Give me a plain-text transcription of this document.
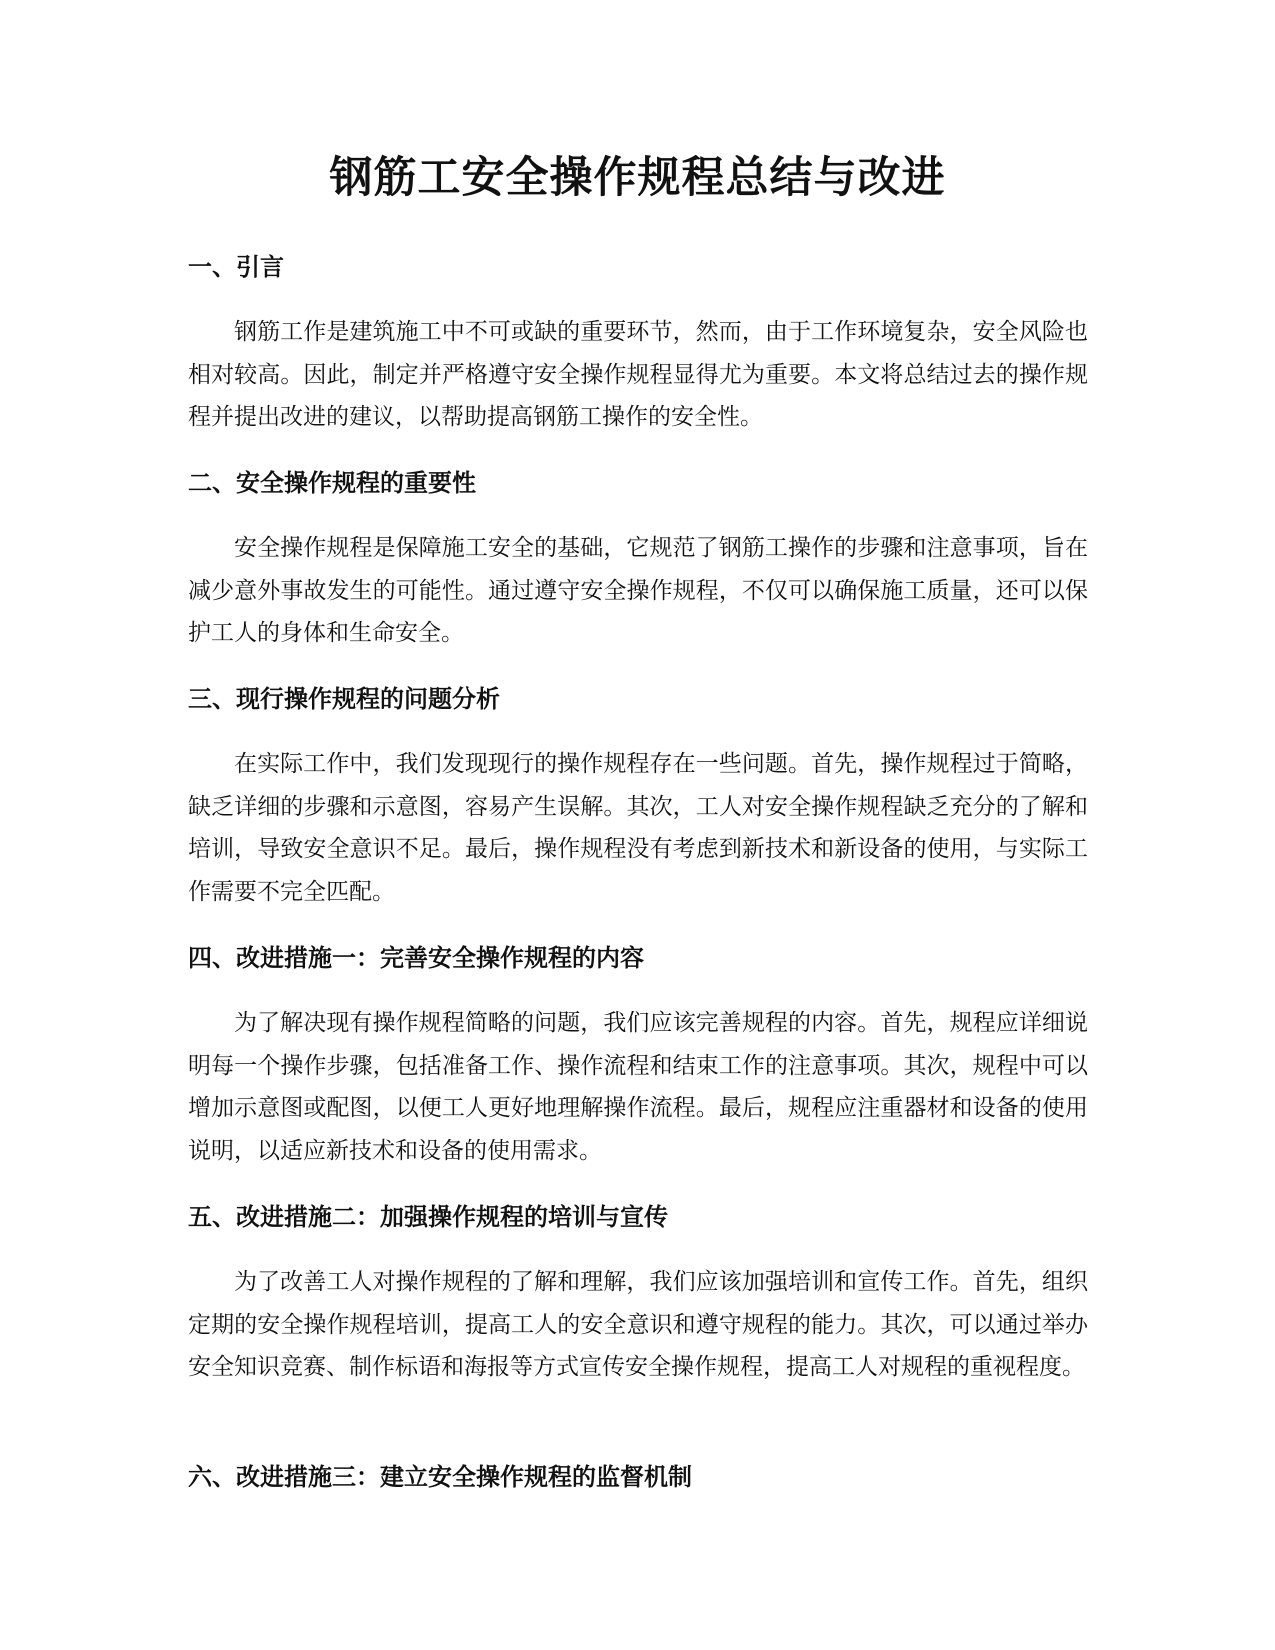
钢筋工安全操作规程总结与改进
一、引言

钢筋工作是建筑施工中不可或缺的重要环节，然而，由于工作环境复杂，安全风险也相对较高。因此，制定并严格遵守安全操作规程显得尤为重要。本文将总结过去的操作规程并提出改进的建议，以帮助提高钢筋工操作的安全性。

二、安全操作规程的重要性

安全操作规程是保障施工安全的基础，它规范了钢筋工操作的步骤和注意事项，旨在减少意外事故发生的可能性。通过遵守安全操作规程，不仅可以确保施工质量，还可以保护工人的身体和生命安全。

三、现行操作规程的问题分析

在实际工作中，我们发现现行的操作规程存在一些问题。首先，操作规程过于简略，缺乏详细的步骤和示意图，容易产生误解。其次，工人对安全操作规程缺乏充分的了解和培训，导致安全意识不足。最后，操作规程没有考虑到新技术和新设备的使用，与实际工作需要不完全匹配。

四、改进措施一：完善安全操作规程的内容

为了解决现有操作规程简略的问题，我们应该完善规程的内容。首先，规程应详细说明每一个操作步骤，包括准备工作、操作流程和结束工作的注意事项。其次，规程中可以增加示意图或配图，以便工人更好地理解操作流程。最后，规程应注重器材和设备的使用说明，以适应新技术和设备的使用需求。

五、改进措施二：加强操作规程的培训与宣传

为了改善工人对操作规程的了解和理解，我们应该加强培训和宣传工作。首先，组织定期的安全操作规程培训，提高工人的安全意识和遵守规程的能力。其次，可以通过举办安全知识竞赛、制作标语和海报等方式宣传安全操作规程，提高工人对规程的重视程度。

六、改进措施三：建立安全操作规程的监督机制
